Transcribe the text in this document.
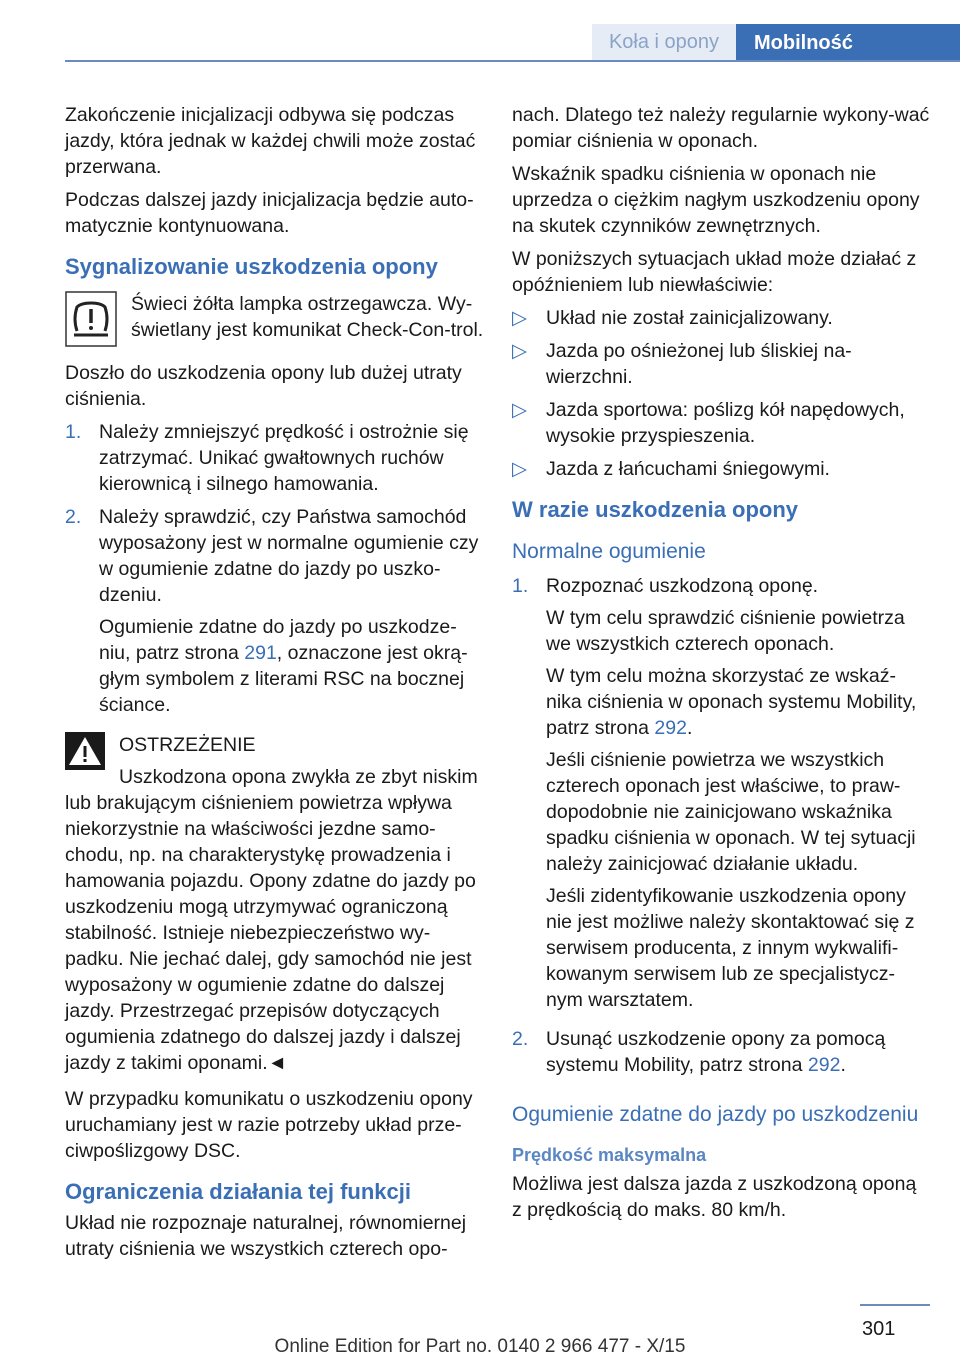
Koła i opony	Mobilność

Zakończenie inicjalizacji odbywa się podczas jazdy, która jednak w każdej chwili może zostać przerwana.

Podczas dalszej jazdy inicjalizacja będzie auto-matycznie kontynuowana.

Sygnalizowanie uszkodzenia opony
Świeci żółta lampka ostrzegawcza. Wy-świetlany jest komunikat Check-Con-trol.

Doszło do uszkodzenia opony lub dużej utraty ciśnienia.

1. Należy zmniejszyć prędkość i ostrożnie się zatrzymać. Unikać gwałtownych ruchów kierownicą i silnego hamowania.
2. Należy sprawdzić, czy Państwa samochód wyposażony jest w normalne ogumienie czy w ogumienie zdatne do jazdy po uszko-dzeniu.

Ogumienie zdatne do jazdy po uszkodze-niu, patrz strona 291, oznaczone jest okrą-głym symbolem z literami RSC na bocznej ściance.

OSTRZEŻENIE

Uszkodzona opona zwykła ze zbyt niskim lub brakującym ciśnieniem powietrza wpływa niekorzystnie na właściwości jezdne samo-chodu, np. na charakterystykę prowadzenia i hamowania pojazdu. Opony zdatne do jazdy po uszkodzeniu mogą utrzymywać ograniczoną stabilność. Istnieje niebezpieczeństwo wy-padku. Nie jechać dalej, gdy samochód nie jest wyposażony w ogumienie zdatne do dalszej jazdy. Przestrzegać przepisów dotyczących ogumienia zdatnego do dalszej jazdy i dalszej jazdy z takimi oponami.◄

W przypadku komunikatu o uszkodzeniu opony uruchamiany jest w razie potrzeby układ prze-ciwpoślizgowy DSC.

Ograniczenia działania tej funkcji

Układ nie rozpoznaje naturalnej, równomiernej utraty ciśnienia we wszystkich czterech opo-

nach. Dlatego też należy regularnie wykony-wać pomiar ciśnienia w oponach.

Wskaźnik spadku ciśnienia w oponach nie uprzedza o ciężkim nagłym uszkodzeniu opony na skutek czynników zewnętrznych.

W poniższych sytuacjach układ może działać z opóźnieniem lub niewłaściwie:

▷ Układ nie został zainicjalizowany.
▷ Jazda po ośnieżonej lub śliskiej na-wierzchni.
▷ Jazda sportowa: poślizg kół napędowych, wysokie przyspieszenia.
▷ Jazda z łańcuchami śniegowymi.
W razie uszkodzenia opony
Normalne ogumienie
1. Rozpoznać uszkodzoną oponę.

W tym celu sprawdzić ciśnienie powietrza we wszystkich czterech oponach.

W tym celu można skorzystać ze wskaź-nika ciśnienia w oponach systemu Mobility, patrz strona 292.

Jeśli ciśnienie powietrza we wszystkich czterech oponach jest właściwe, to praw-dopodobnie nie zainicjowano wskaźnika spadku ciśnienia w oponach. W tej sytuacji należy zainicjować działanie układu.

Jeśli zidentyfikowanie uszkodzenia opony nie jest możliwe należy skontaktować się z serwisem producenta, z innym wykwalifi-kowanym serwisem lub ze specjalistycz-nym warsztatem.

2. Usunąć uszkodzenie opony za pomocą systemu Mobility, patrz strona 292.

Ogumienie zdatne do jazdy po uszkodzeniu
Prędkość maksymalna

Możliwa jest dalsza jazda z uszkodzoną oponą z prędkością do maks. 80 km/h.

301
Online Edition for Part no. 0140 2 966 477 - X/15
